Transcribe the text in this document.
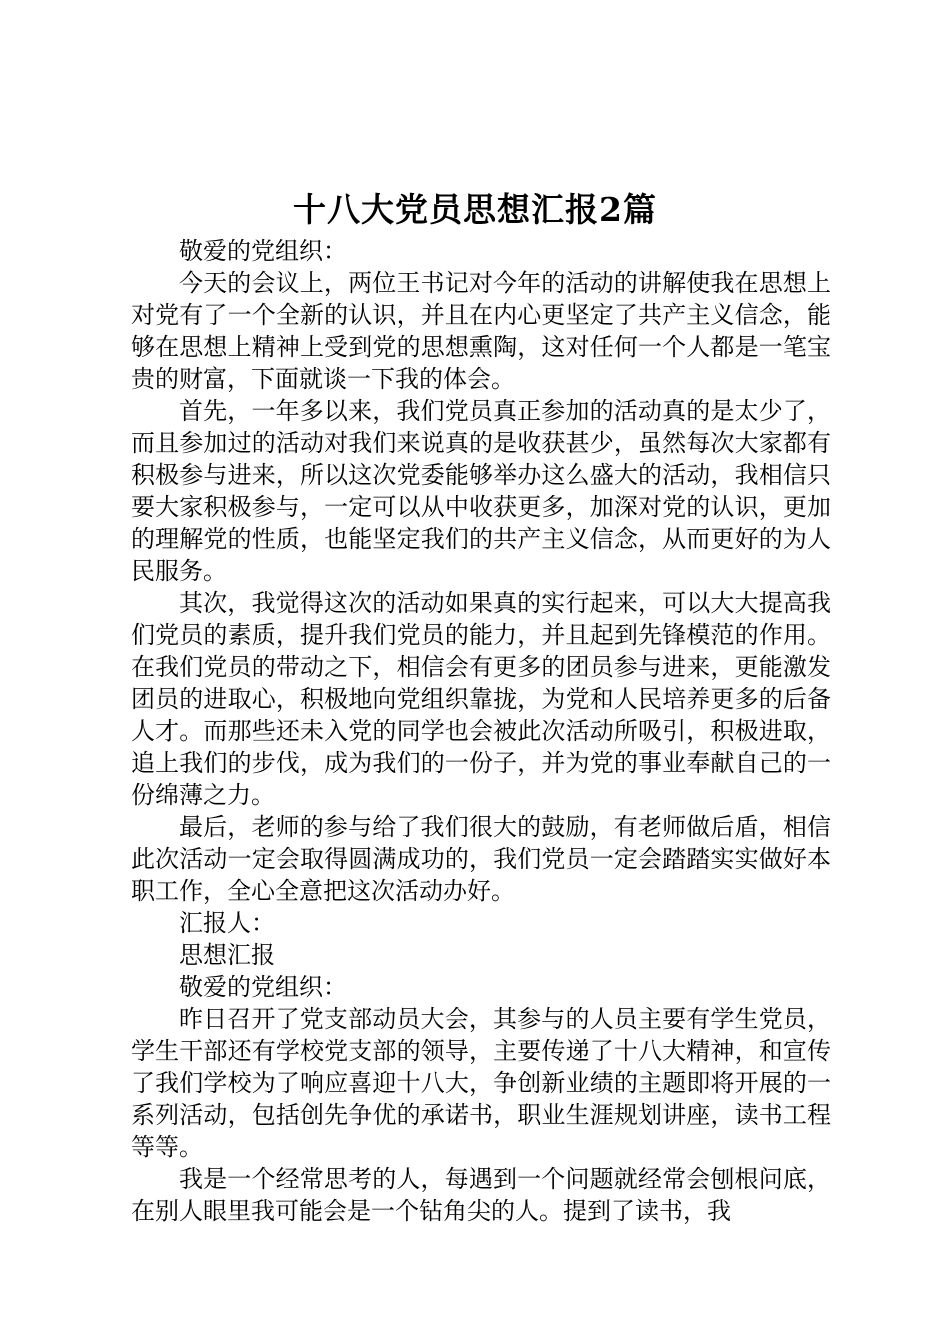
十八大党员思想汇报2篇

敬爱的党组织：

今天的会议上，两位王书记对今年的活动的讲解使我在思想上对党有了一个全新的认识，并且在内心更坚定了共产主义信念，能够在思想上精神上受到党的思想熏陶，这对任何一个人都是一笔宝贵的财富，下面就谈一下我的体会。

首先，一年多以来，我们党员真正参加的活动真的是太少了，而且参加过的活动对我们来说真的是收获甚少，虽然每次大家都有积极参与进来，所以这次党委能够举办这么盛大的活动，我相信只要大家积极参与，一定可以从中收获更多，加深对党的认识，更加的理解党的性质，也能坚定我们的共产主义信念，从而更好的为人民服务。

其次，我觉得这次的活动如果真的实行起来，可以大大提高我们党员的素质，提升我们党员的能力，并且起到先锋模范的作用。在我们党员的带动之下，相信会有更多的团员参与进来，更能激发团员的进取心，积极地向党组织靠拢，为党和人民培养更多的后备人才。而那些还未入党的同学也会被此次活动所吸引，积极进取，追上我们的步伐，成为我们的一份子，并为党的事业奉献自己的一份绵薄之力。

最后，老师的参与给了我们很大的鼓励，有老师做后盾，相信此次活动一定会取得圆满成功的，我们党员一定会踏踏实实做好本职工作，全心全意把这次活动办好。

汇报人：

思想汇报

敬爱的党组织：

昨日召开了党支部动员大会，其参与的人员主要有学生党员，学生干部还有学校党支部的领导，主要传递了十八大精神，和宣传了我们学校为了响应喜迎十八大，争创新业绩的主题即将开展的一系列活动，包括创先争优的承诺书，职业生涯规划讲座，读书工程等等。

我是一个经常思考的人，每遇到一个问题就经常会刨根问底，在别人眼里我可能会是一个钻角尖的人。提到了读书，我
